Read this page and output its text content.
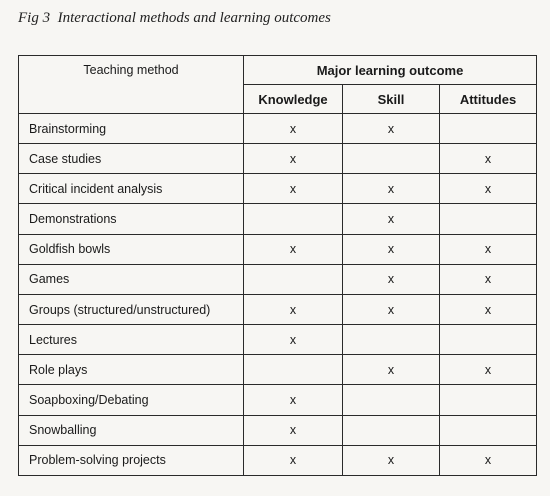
Fig 3 Interactional methods and learning outcomes
Teaching method	Major learning outcome		
	Knowledge	Skill	Attitudes
Brainstorming	x	x	
Case studies	x		x
Critical incident analysis	x	x	x
Demonstrations		x	
Goldfish bowls	x	x	x
Games		x	x
Groups (structured/unstructured)	x	x	x
Lectures	x		
Role plays		x	x
Soapboxing/Debating	x		
Snowballing	x		
Problem-solving projects	x	x	x
